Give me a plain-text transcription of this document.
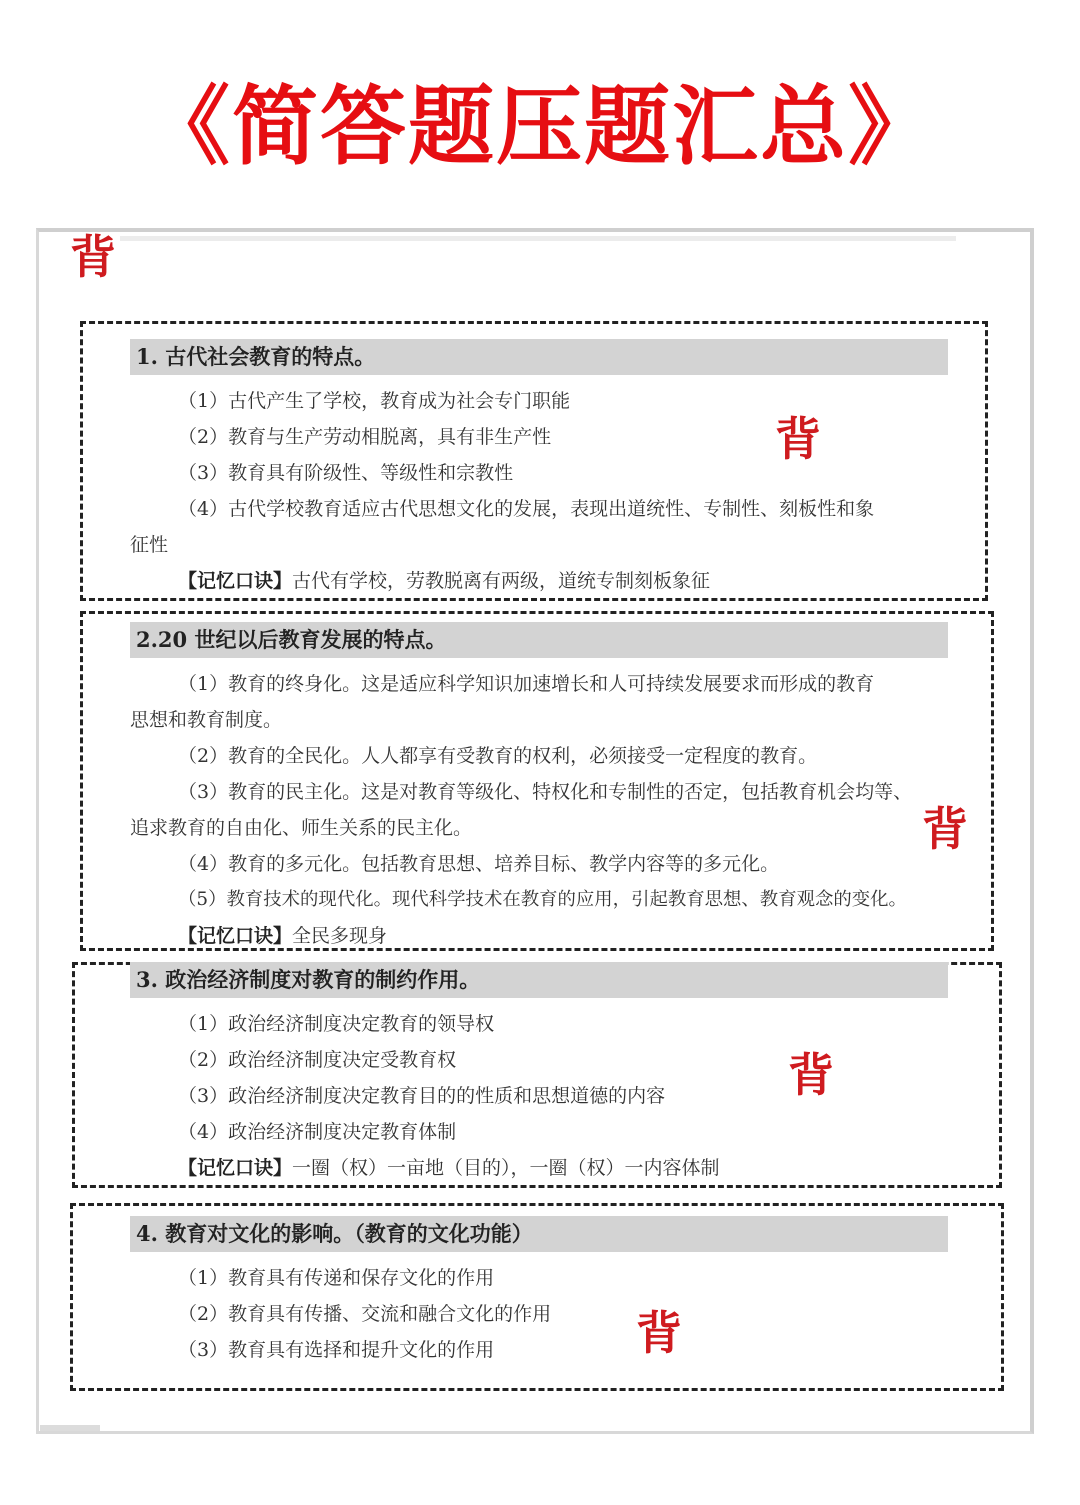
《简答题压题汇总》
背
1. 古代社会教育的特点。
（1）古代产生了学校，教育成为社会专门职能
（2）教育与生产劳动相脱离，具有非生产性
（3）教育具有阶级性、等级性和宗教性
（4）古代学校教育适应古代思想文化的发展，表现出道统性、专制性、刻板性和象
征性
【记忆口诀】古代有学校，劳教脱离有两级，道统专制刻板象征
背
2.20 世纪以后教育发展的特点。
（1）教育的终身化。这是适应科学知识加速增长和人可持续发展要求而形成的教育
思想和教育制度。
（2）教育的全民化。人人都享有受教育的权利，必须接受一定程度的教育。
（3）教育的民主化。这是对教育等级化、特权化和专制性的否定，包括教育机会均等、
追求教育的自由化、师生关系的民主化。
（4）教育的多元化。包括教育思想、培养目标、教学内容等的多元化。
（5）教育技术的现代化。现代科学技术在教育的应用，引起教育思想、教育观念的变化。
【记忆口诀】全民多现身
背
3. 政治经济制度对教育的制约作用。
（1）政治经济制度决定教育的领导权
（2）政治经济制度决定受教育权
（3）政治经济制度决定教育目的的性质和思想道德的内容
（4）政治经济制度决定教育体制
【记忆口诀】一圈（权）一亩地（目的），一圈（权）一内容体制
背
4. 教育对文化的影响。（教育的文化功能）
（1）教育具有传递和保存文化的作用
（2）教育具有传播、交流和融合文化的作用
（3）教育具有选择和提升文化的作用	背
